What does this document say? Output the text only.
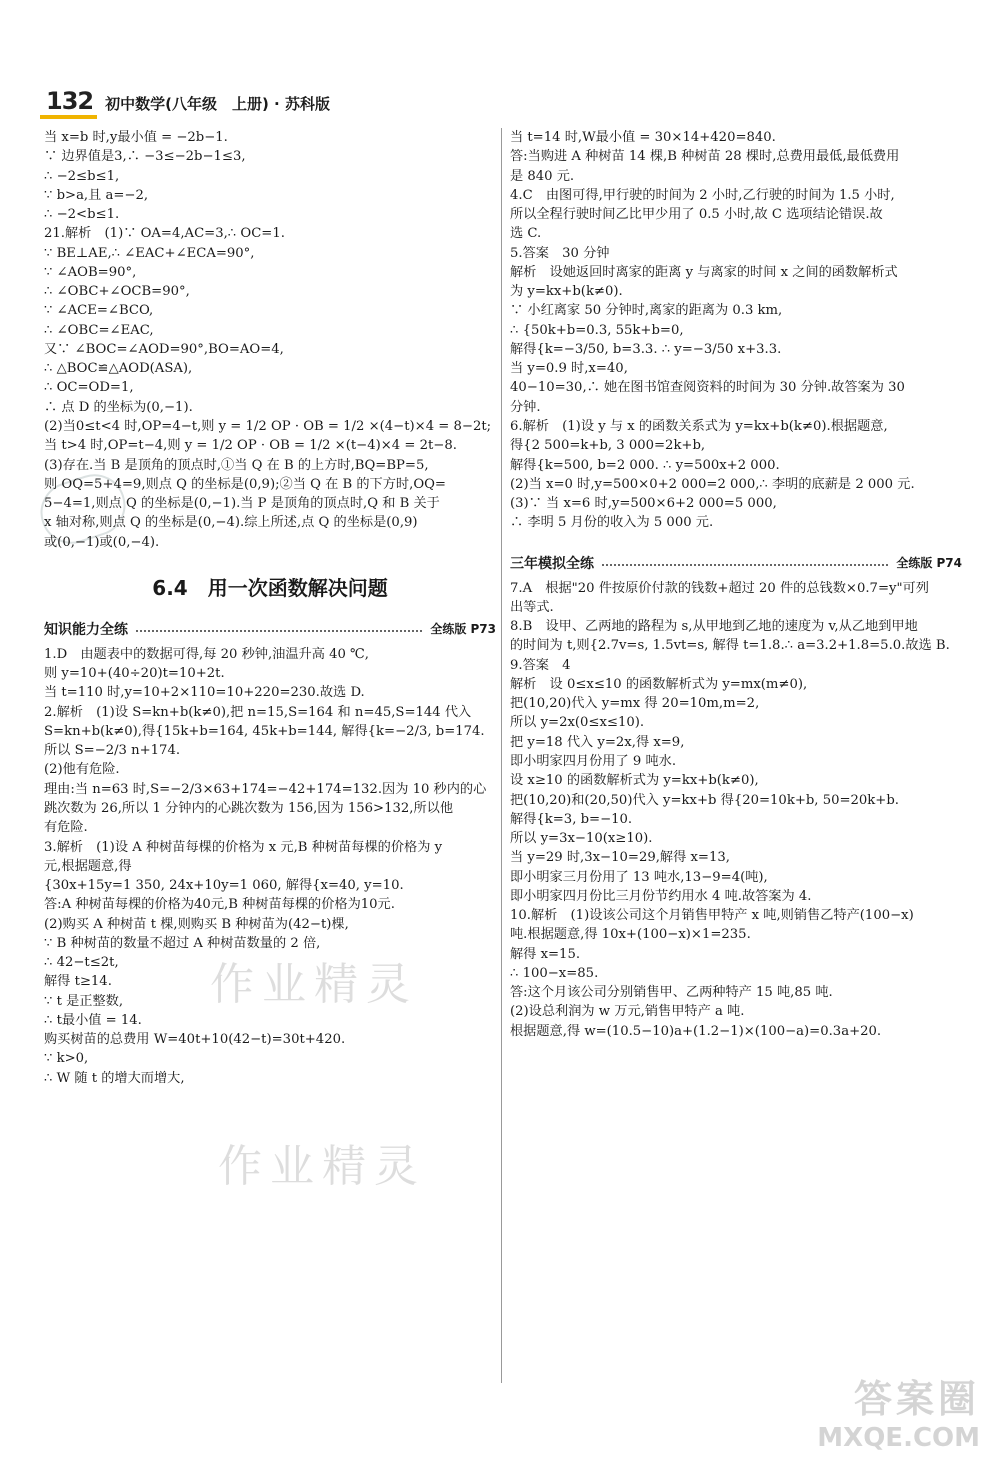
132 初中数学(八年级　上册) · 苏科版
作业精灵
作业精灵

当 x=b 时,y最小值 = −2b−1.

∵ 边界值是3,∴ −3≤−2b−1≤3,

∴ −2≤b≤1,

∵ b>a,且 a=−2,

∴ −2<b≤1.

21.解析　(1)∵ OA=4,AC=3,∴ OC=1.

∵ BE⊥AE,∴ ∠EAC+∠ECA=90°,

∵ ∠AOB=90°,

∴ ∠OBC+∠OCB=90°,

∵ ∠ACE=∠BCO,

∴ ∠OBC=∠EAC,

又∵ ∠BOC=∠AOD=90°,BO=AO=4,

∴ △BOC≌△AOD(ASA),

∴ OC=OD=1,

∴ 点 D 的坐标为(0,−1).

(2)当0≤t<4 时,OP=4−t,则 y = 1/2 OP · OB = 1/2 ×(4−t)×4 = 8−2t;

当 t>4 时,OP=t−4,则 y = 1/2 OP · OB = 1/2 ×(t−4)×4 = 2t−8.

(3)存在.当 B 是顶角的顶点时,①当 Q 在 B 的上方时,BQ=BP=5,

则 OQ=5+4=9,则点 Q 的坐标是(0,9);②当 Q 在 B 的下方时,OQ=

5−4=1,则点 Q 的坐标是(0,−1).当 P 是顶角的顶点时,Q 和 B 关于

x 轴对称,则点 Q 的坐标是(0,−4).综上所述,点 Q 的坐标是(0,9)

或(0,−1)或(0,−4).

6.4　用一次函数解决问题
知识能力全练	全练版 P73

1.D　由题表中的数据可得,每 20 秒钟,油温升高 40 ℃,

则 y=10+(40÷20)t=10+2t.

当 t=110 时,y=10+2×110=10+220=230.故选 D.

2.解析　(1)设 S=kn+b(k≠0),把 n=15,S=164 和 n=45,S=144 代入

S=kn+b(k≠0),得{15k+b=164, 45k+b=144, 解得{k=−2/3, b=174.

所以 S=−2/3 n+174.

(2)他有危险.

理由:当 n=63 时,S=−2/3×63+174=−42+174=132.因为 10 秒内的心

跳次数为 26,所以 1 分钟内的心跳次数为 156,因为 156>132,所以他

有危险.

3.解析　(1)设 A 种树苗每棵的价格为 x 元,B 种树苗每棵的价格为 y

元,根据题意,得

{30x+15y=1 350, 24x+10y=1 060, 解得{x=40, y=10.

答:A 种树苗每棵的价格为40元,B 种树苗每棵的价格为10元.

(2)购买 A 种树苗 t 棵,则购买 B 种树苗为(42−t)棵,

∵ B 种树苗的数量不超过 A 种树苗数量的 2 倍,

∴ 42−t≤2t,

解得 t≥14.

∵ t 是正整数,

∴ t最小值 = 14.

购买树苗的总费用 W=40t+10(42−t)=30t+420.

∵ k>0,

∴ W 随 t 的增大而增大,

当 t=14 时,W最小值 = 30×14+420=840.

答:当购进 A 种树苗 14 棵,B 种树苗 28 棵时,总费用最低,最低费用

是 840 元.

4.C　由图可得,甲行驶的时间为 2 小时,乙行驶的时间为 1.5 小时,

所以全程行驶时间乙比甲少用了 0.5 小时,故 C 选项结论错误.故

选 C.

5.答案　30 分钟

解析　设她返回时离家的距离 y 与离家的时间 x 之间的函数解析式

为 y=kx+b(k≠0).

∵ 小红离家 50 分钟时,离家的距离为 0.3 km,

∴ {50k+b=0.3, 55k+b=0,

解得{k=−3/50, b=3.3. ∴ y=−3/50 x+3.3.

当 y=0.9 时,x=40,

40−10=30,∴ 她在图书馆查阅资料的时间为 30 分钟.故答案为 30

分钟.

6.解析　(1)设 y 与 x 的函数关系式为 y=kx+b(k≠0).根据题意,

得{2 500=k+b, 3 000=2k+b,

解得{k=500, b=2 000. ∴ y=500x+2 000.

(2)当 x=0 时,y=500×0+2 000=2 000,∴ 李明的底薪是 2 000 元.

(3)∵ 当 x=6 时,y=500×6+2 000=5 000,

∴ 李明 5 月份的收入为 5 000 元.

三年模拟全练	全练版 P74

7.A　根据"20 件按原价付款的钱数+超过 20 件的总钱数×0.7=y"可列

出等式.

8.B　设甲、乙两地的路程为 s,从甲地到乙地的速度为 v,从乙地到甲地

的时间为 t,则{2.7v=s, 1.5vt=s, 解得 t=1.8.∴ a=3.2+1.8=5.0.故选 B.

9.答案　4

解析　设 0≤x≤10 的函数解析式为 y=mx(m≠0),

把(10,20)代入 y=mx 得 20=10m,m=2,

所以 y=2x(0≤x≤10).

把 y=18 代入 y=2x,得 x=9,

即小明家四月份用了 9 吨水.

设 x≥10 的函数解析式为 y=kx+b(k≠0),

把(10,20)和(20,50)代入 y=kx+b 得{20=10k+b, 50=20k+b.

解得{k=3, b=−10.

所以 y=3x−10(x≥10).

当 y=29 时,3x−10=29,解得 x=13,

即小明家三月份用了 13 吨水,13−9=4(吨),

即小明家四月份比三月份节约用水 4 吨.故答案为 4.

10.解析　(1)设该公司这个月销售甲特产 x 吨,则销售乙特产(100−x)

吨.根据题意,得 10x+(100−x)×1=235.

解得 x=15.

∴ 100−x=85.

答:这个月该公司分别销售甲、乙两种特产 15 吨,85 吨.

(2)设总利润为 w 万元,销售甲特产 a 吨.

根据题意,得 w=(10.5−10)a+(1.2−1)×(100−a)=0.3a+20.

答案圈
MXQE.COM
